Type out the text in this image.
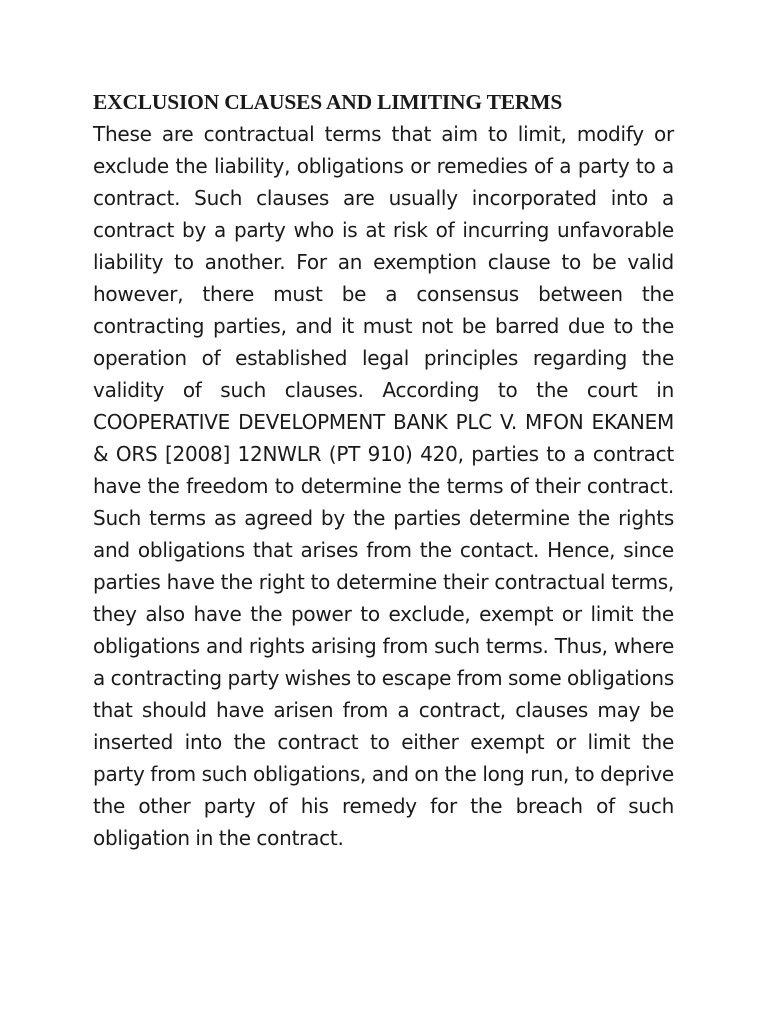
EXCLUSION CLAUSES AND LIMITING TERMS

These are contractual terms that aim to limit, modify or exclude the liability, obligations or remedies of a party to a contract. Such clauses are usually incorporated into a contract by a party who is at risk of incurring unfavorable liability to another. For an exemption clause to be valid however, there must be a consensus between the contracting parties, and it must not be barred due to the operation of established legal principles regarding the validity of such clauses. According to the court in COOPERATIVE DEVELOPMENT BANK PLC V. MFON EKANEM & ORS [2008] 12NWLR (PT 910) 420, parties to a contract have the freedom to determine the terms of their contract. Such terms as agreed by the parties determine the rights and obligations that arises from the contact. Hence, since parties have the right to determine their contractual terms, they also have the power to exclude, exempt or limit the obligations and rights arising from such terms. Thus, where a contracting party wishes to escape from some obligations that should have arisen from a contract, clauses may be inserted into the contract to either exempt or limit the party from such obligations, and on the long run, to deprive the other party of his remedy for the breach of such obligation in the contract.
